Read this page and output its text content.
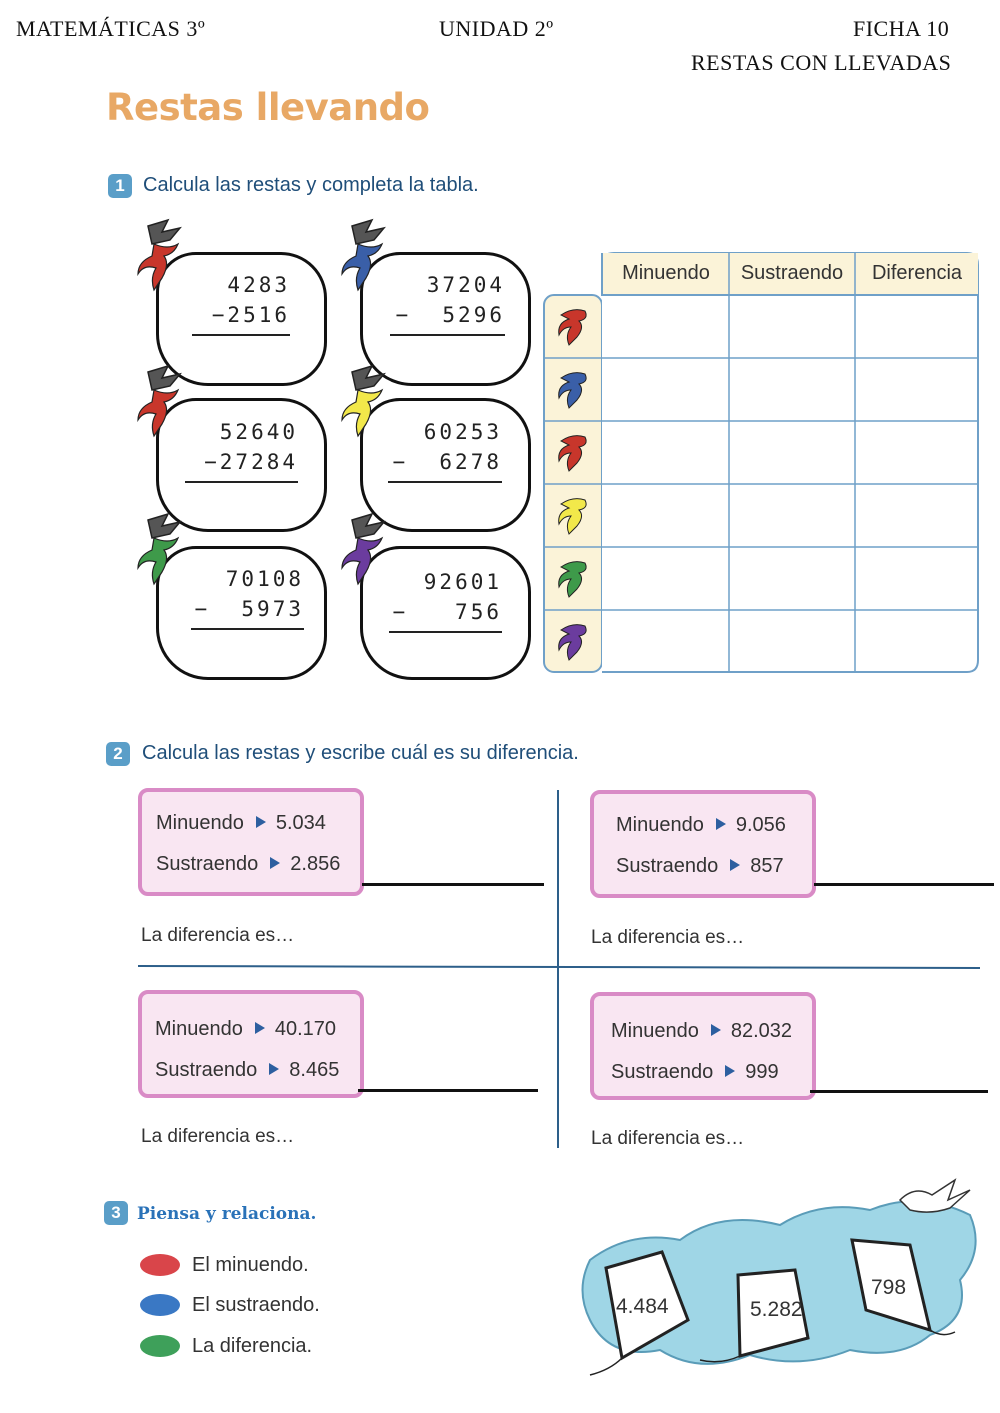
MATEMÁTICAS 3º	UNIDAD 2º	FICHA 10
RESTAS CON LLEVADAS
Restas llevando
1 Calcula las restas y completa la tabla.
4283
−2516
37204
−  5296
52640
−27284
60253
−  6278
70108
−  5973
92601
−   756
Minuendo	Sustraendo	Diferencia
2 Calcula las restas y escribe cuál es su diferencia.
Minuendo 5.034
Sustraendo 2.856
La diferencia es…
Minuendo 9.056
Sustraendo 857
La diferencia es…
Minuendo 40.170
Sustraendo 8.465
La diferencia es…
Minuendo 82.032
Sustraendo 999
La diferencia es…
3 Piensa y relaciona.
El minuendo.
El sustraendo.
La diferencia.
4.484	5.282
798
